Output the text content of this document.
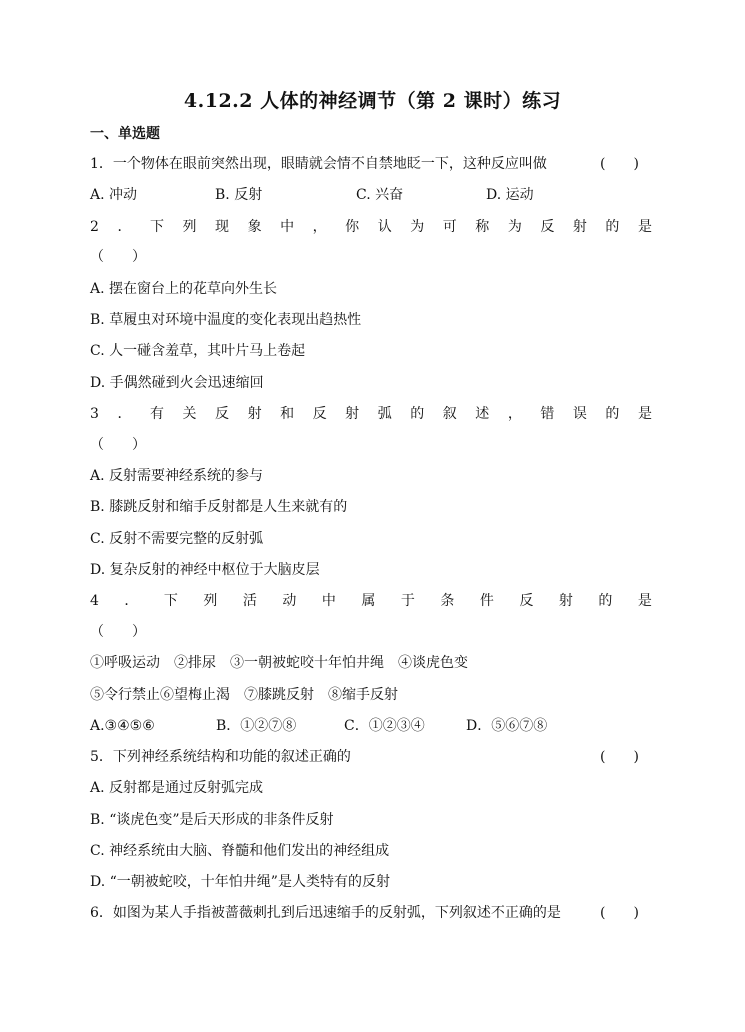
4.12.2 人体的神经调节（第 2 课时）练习
一、单选题
1．一个物体在眼前突然出现，眼睛就会情不自禁地眨一下，这种反应叫做	(　　)
A. 冲动	B. 反射	C. 兴奋	D. 运动
2 ． 下 列 现 象 中 ， 你 认 为 可 称 为 反 射 的 是
（　　）
A. 摆在窗台上的花草向外生长
B. 草履虫对环境中温度的变化表现出趋热性
C. 人一碰含羞草，其叶片马上卷起
D. 手偶然碰到火会迅速缩回
3 ． 有 关 反 射 和 反 射 弧 的 叙 述 ， 错 误 的 是
（　　）
A. 反射需要神经系统的参与
B. 膝跳反射和缩手反射都是人生来就有的
C. 反射不需要完整的反射弧
D. 复杂反射的神经中枢位于大脑皮层
4 ． 下 列 活 动 中 属 于 条 件 反 射 的 是
（　　）
①呼吸运动　②排尿　③一朝被蛇咬十年怕井绳　④谈虎色变
⑤令行禁止⑥望梅止渴　⑦膝跳反射　⑧缩手反射
A.③④⑤⑥	B．①②⑦⑧	C．①②③④	D．⑤⑥⑦⑧
5．下列神经系统结构和功能的叙述正确的	(　　)
A. 反射都是通过反射弧完成
B. “谈虎色变”是后天形成的非条件反射
C. 神经系统由大脑、脊髓和他们发出的神经组成
D. “一朝被蛇咬，十年怕井绳”是人类特有的反射
6．如图为某人手指被蔷薇刺扎到后迅速缩手的反射弧，下列叙述不正确的是	(　　)
